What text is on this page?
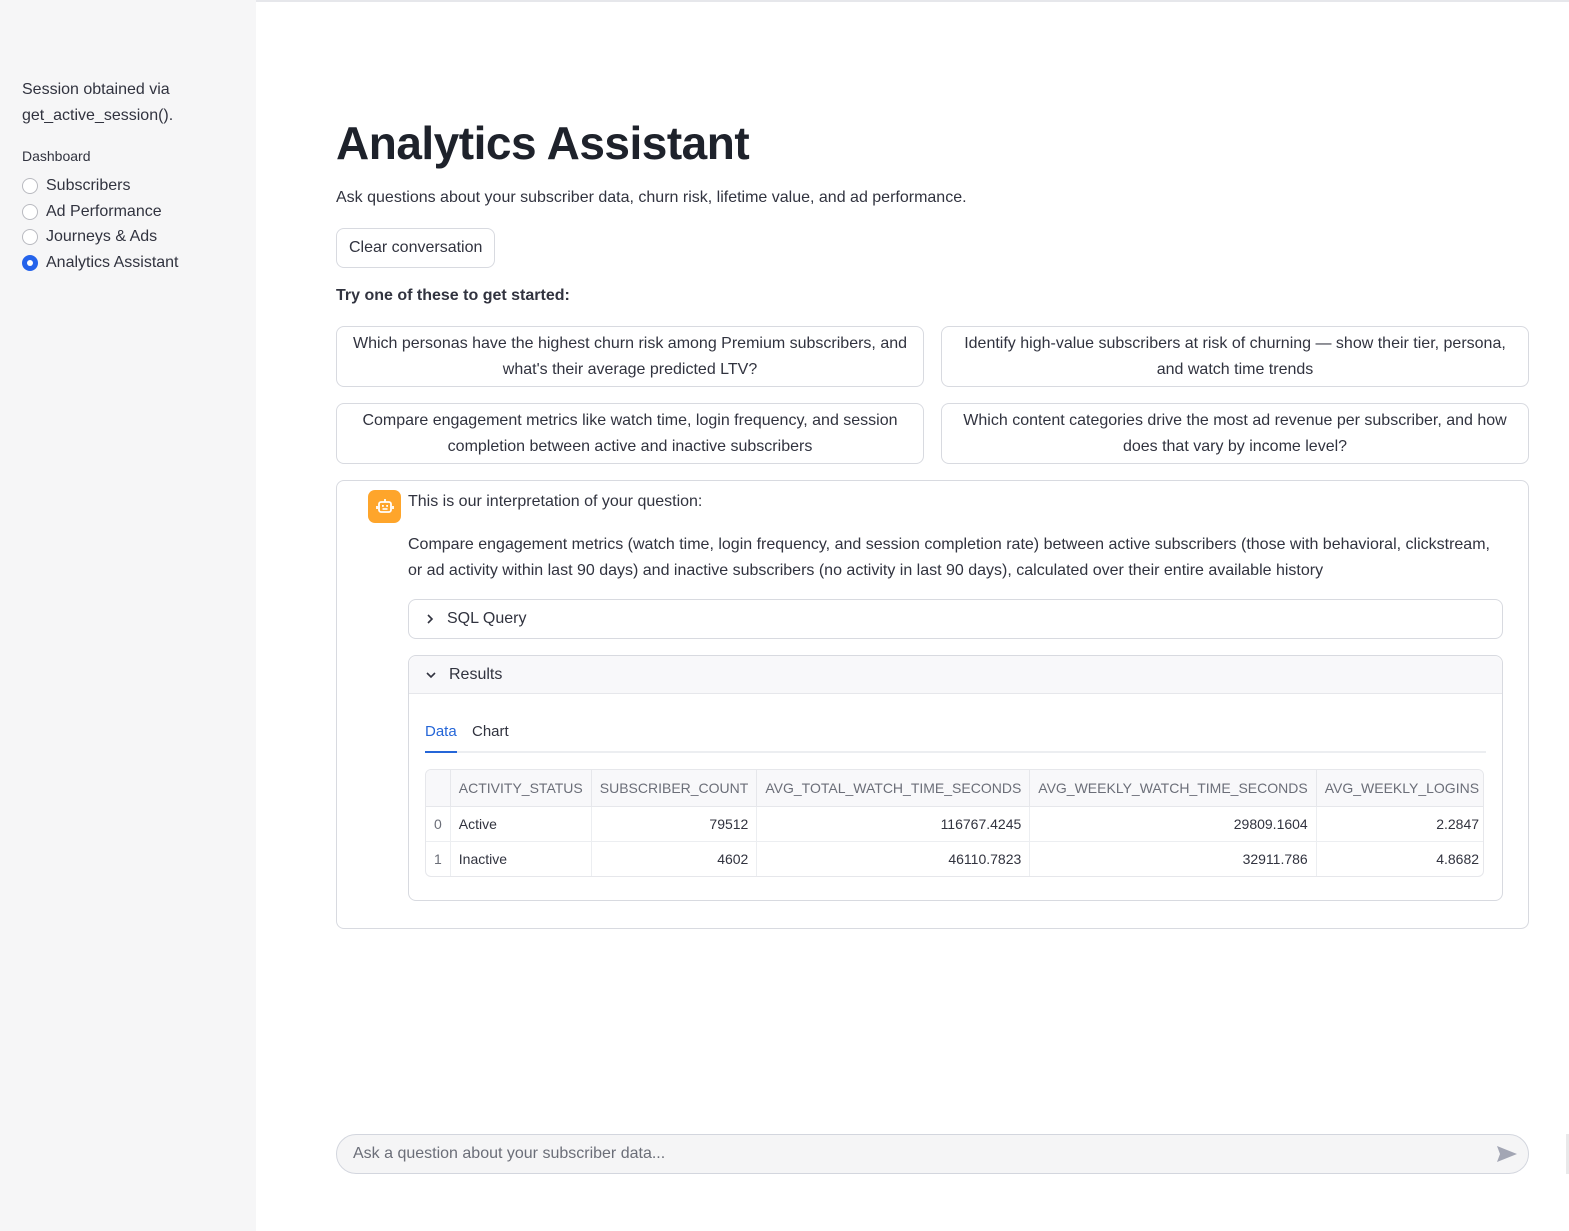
Session obtained via get_active_session().
Dashboard
Subscribers
Ad Performance
Journeys & Ads
Analytics Assistant
Analytics Assistant

Ask questions about your subscriber data, churn risk, lifetime value, and ad performance.

Clear conversation
Try one of these to get started:
Which personas have the highest churn risk among Premium subscribers, and what's their average predicted LTV?
Identify high-value subscribers at risk of churning — show their tier, persona, and watch time trends
Compare engagement metrics like watch time, login frequency, and session completion between active and inactive subscribers
Which content categories drive the most ad revenue per subscriber, and how does that vary by income level?
This is our interpretation of your question:
Compare engagement metrics (watch time, login frequency, and session completion rate) between active subscribers (those with behavioral, clickstream, or ad activity within last 90 days) and inactive subscribers (no activity in last 90 days), calculated over their entire available history
SQL Query
Results
Data Chart
	ACTIVITY_STATUS	SUBSCRIBER_COUNT	AVG_TOTAL_WATCH_TIME_SECONDS	AVG_WEEKLY_WATCH_TIME_SECONDS	AVG_WEEKLY_LOGINS
0	Active	79512	116767.4245	29809.1604	2.2847
1	Inactive	4602	46110.7823	32911.786	4.8682
Ask a question about your subscriber data...
